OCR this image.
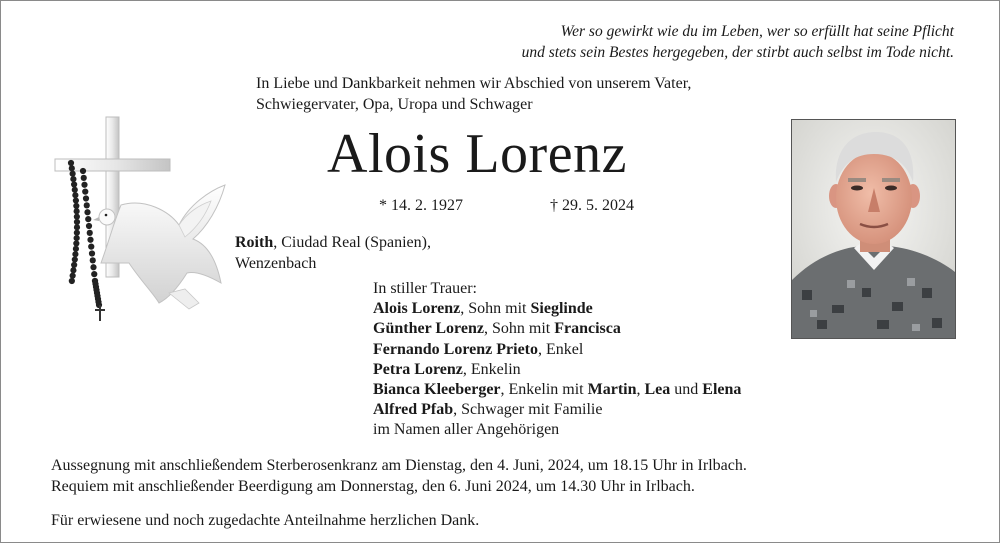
Wer so gewirkt wie du im Leben, wer so erfüllt hat seine Pflicht
und stets sein Bestes hergegeben, der stirbt auch selbst im Tode nicht.
In Liebe und Dankbarkeit nehmen wir Abschied von unserem Vater,
Schwiegervater, Opa, Uropa und Schwager
Alois Lorenz
* 14. 2. 1927	† 29. 5. 2024
Roith, Ciudad Real (Spanien),
Wenzenbach
In stiller Trauer:
Alois Lorenz, Sohn mit Sieglinde
Günther Lorenz, Sohn mit Francisca
Fernando Lorenz Prieto, Enkel
Petra Lorenz, Enkelin
Bianca Kleeberger, Enkelin mit Martin, Lea und Elena
Alfred Pfab, Schwager mit Familie
im Namen aller Angehörigen
Aussegnung mit anschließendem Sterberosenkranz am Dienstag, den 4. Juni, 2024, um 18.15 Uhr in Irlbach.
Requiem mit anschließender Beerdigung am Donnerstag, den 6. Juni 2024, um 14.30 Uhr in Irlbach.
Für erwiesene und noch zugedachte Anteilnahme herzlichen Dank.
